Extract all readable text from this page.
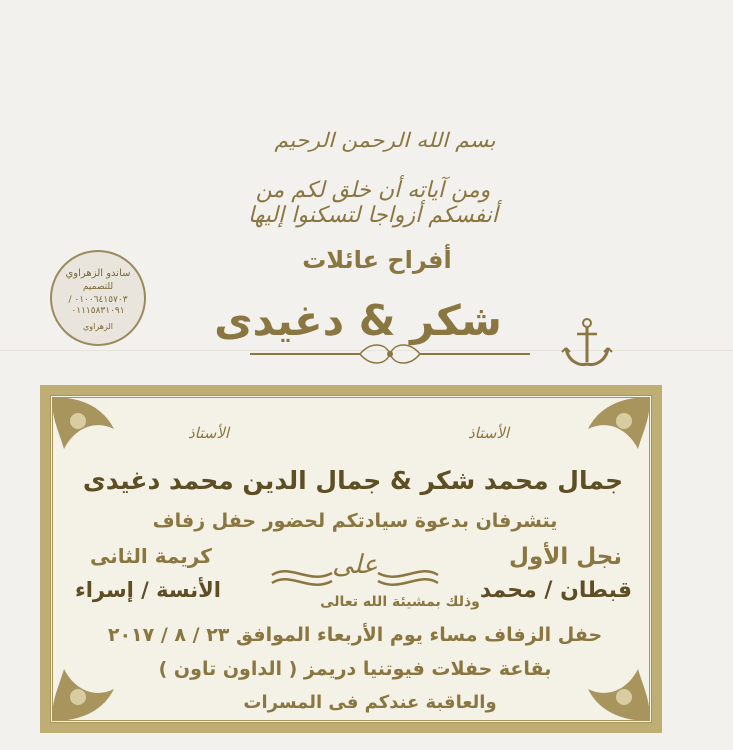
بسم الله الرحمن الرحيم
ومن آياته أن خلق لكم من أنفسكم أزواجا لتسكنوا إليها
أفراح عائلات
شكر & دغيدى
ساندو الزهراوي
للتصميم
٠١٠٠٦٤١٥٧٠٣ / ٠١١١٥٨٣١٠٩١
الزهراوي
الأستاذ
الأستاذ
جمال محمد شكر & جمال الدين محمد دغيدى
يتشرفان بدعوة سيادتكم لحضور حفل زفاف
نجل الأول
كريمة الثانى	على
قبطان / محمد
الأنسة / إسراء	وذلك بمشيئة الله تعالى
حفل الزفاف مساء يوم الأربعاء الموافق ٢٣ / ٨ / ٢٠١٧
بقاعة حفلات فيوتنيا دريمز ( الداون تاون )
والعاقبة عندكم فى المسرات
